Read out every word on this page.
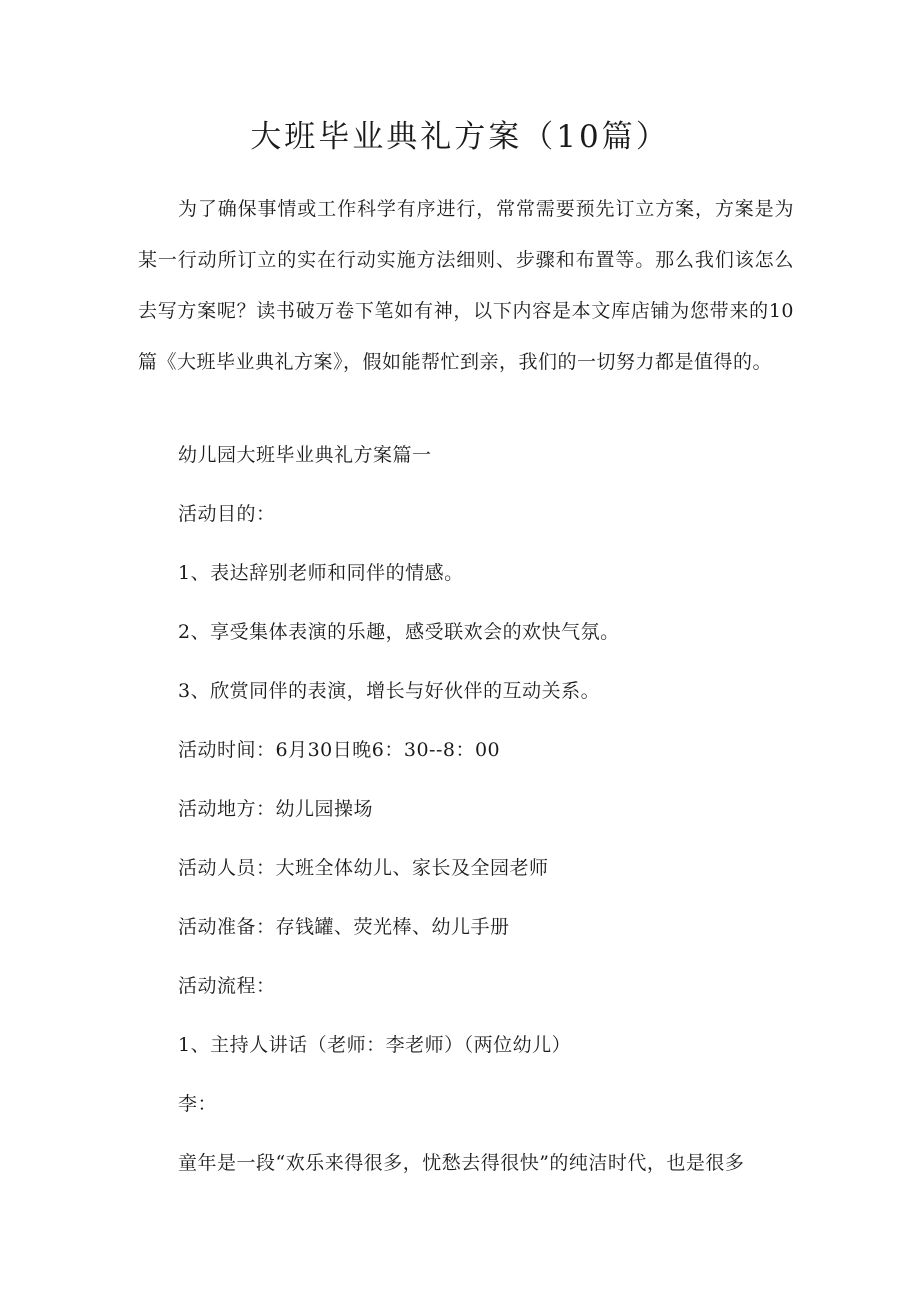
大班毕业典礼方案（10篇）

为了确保事情或工作科学有序进行，常常需要预先订立方案，方案是为某一行动所订立的实在行动实施方法细则、步骤和布置等。那么我们该怎么去写方案呢？读书破万卷下笔如有神，以下内容是本文库店铺为您带来的10篇《大班毕业典礼方案》，假如能帮忙到亲，我们的一切努力都是值得的。

幼儿园大班毕业典礼方案篇一
活动目的：
1、表达辞别老师和同伴的情感。
2、享受集体表演的乐趣，感受联欢会的欢快气氛。
3、欣赏同伴的表演，增长与好伙伴的互动关系。
活动时间：6月30日晚6：30--8：00
活动地方：幼儿园操场
活动人员：大班全体幼儿、家长及全园老师
活动准备：存钱罐、荧光棒、幼儿手册
活动流程：
1、主持人讲话（老师：李老师）（两位幼儿）
李：
童年是一段“欢乐来得很多，忧愁去得很快”的纯洁时代，也是很多
